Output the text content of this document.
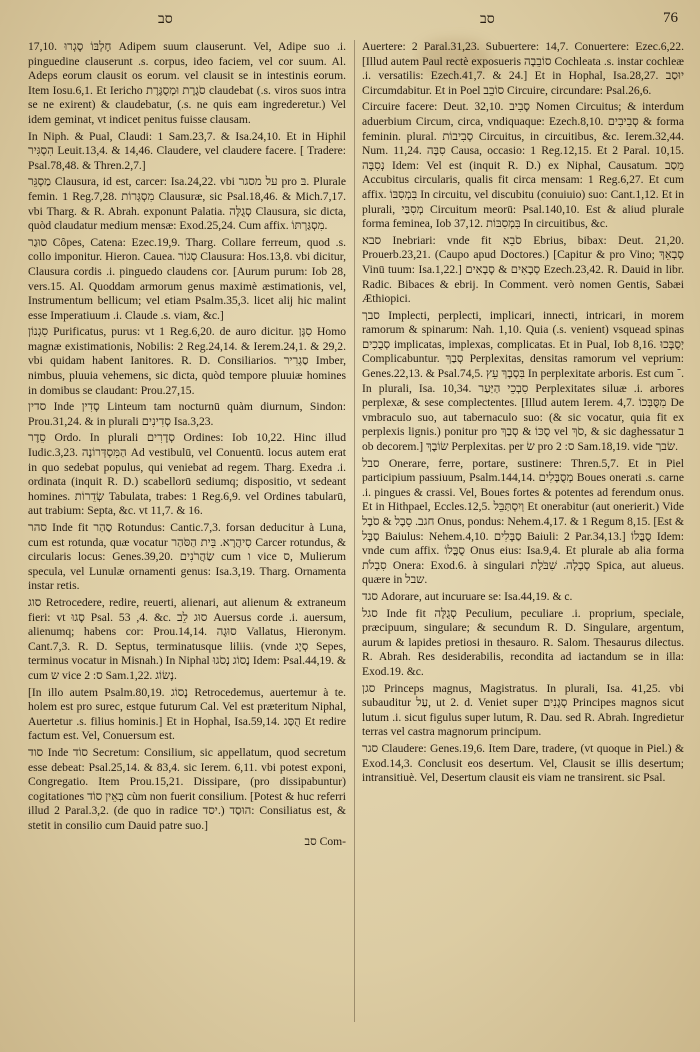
סב	סב	76

17,10. חֶלְבּוֹ סָגְרוּ Adipem suum clauserunt. Vel, Adipe suo .i. pinguedine clauserunt .s. corpus, ideo faciem, vel cor suum. Al. Adeps eorum clausit os eorum. vel clausit se in intestinis eorum. Item Iosu.6,1. Et Iericho סֹגֶרֶת וּמְסֻגֶּרֶת claudebat (.s. viros suos intra se ne exirent) & claudebatur, (.s. ne quis eam ingrederetur.) Vel idem geminat, vt indicet penitus fuisse clausam.

In Niph. & Pual, Claudi: 1 Sam.23,7. & Isa.24,10. Et in Hiphil הִסְגִּיר Leuit.13,4. & 14,46. Claudere, vel claudere facere. [ Tradere: Psal.78,48. & Thren.2,7.]

מַסְגֵּר Clausura, id est, carcer: Isa.24,22. vbi על מסגר pro בּ. Plurale femin. 1 Reg.7,28. מִסְגְּרוֹת Clausuræ, sic Psal.18,46. & Mich.7,17. vbi Tharg. & R. Abrah. exponunt Palatia. סְגֻלָּה Clausura, sic dicta, quòd claudatur medium mensæ: Exod.25,24. Cum affix. מִסְגַּרְתּוֹ.

סוּגַר Côpes, Catena: Ezec.19,9. Tharg. Collare ferreum, quod .s. collo imponitur. Hieron. Cauea. סְגוֹר Clausura: Hos.13,8. vbi dicitur, Clausura cordis .i. pinguedo claudens cor. [Aurum purum: Iob 28, vers.15. Al. Quoddam armorum genus maximè æstimationis, vel, Instrumentum bellicum; vel etiam Psalm.35,3. licet alij hic malint esse Imperatiuum .i. Claude .s. viam, &c.]

סִגְנוֹן Purificatus, purus: vt 1 Reg.6,20. de auro dicitur. סִגָּן Homo magnæ existimationis, Nobilis: 2 Reg.24,14. & Ierem.24,1. & 29,2. vbi quidam habent Ianitores. R. D. Consiliarios. סַגְרִיר Imber, nimbus, pluuia vehemens, sic dicta, quòd tempore pluuiæ homines in domibus se claudant: Prou.27,15.

סדין Inde סָדִין Linteum tam nocturnū quàm diurnum, Sindon: Prou.31,24. & in plurali סְדִינִים Isa.3,23.

סֵדֶר Ordo. In plurali סְדָרִים Ordines: Iob 10,22. Hinc illud Iudic.3,23. הַמִּסְדְּרוֹנָה Ad vestibulū, vel Conuentū. locus autem erat in quo sedebat populus, qui veniebat ad regem. Tharg. Exedra .i. ordinata (inquit R. D.) scabellorū sediumq; dispositio, vt sedeant homines. שְׂדֵרוֹת Tabulata, trabes: 1 Reg.6,9. vel Ordines tabularū, aut trabium: Septa, &c. vt 11,7. & 16.

סהר Inde fit סַהַר Rotundus: Cantic.7,3. forsan deducitur à Luna, cum est rotunda, quæ vocatur סִיהֲרָא. בֵּית הַסֹּהַר Carcer rotundus, & circularis locus: Genes.39,20. שַׂהֲרֹנִים cum ו vice ס, Mulierum specula, vel Lunulæ ornamenti genus: Isa.3,19. Tharg. Ornamenta instar retis.

סוג Retrocedere, redire, reuerti, alienari, aut alienum & extraneum fieri: vt סָגוּ Psal. 53 ,4. &c. סוּג לֵב Auersus corde .i. auersum, alienumq; habens cor: Prou.14,14. סוּגָה Vallatus, Hieronym. Cant.7,3. R. D. Septus, terminatusque liliis. (vnde סְיָג Sepes, terminus vocatur in Misnah.) In Niphal נָסוֹג נְסֹגוּ Idem: Psal.44,19. & cum ש vice ס: 2 Sam.1,22. נָשׂוֹג.

[In illo autem Psalm.80,19. נָסוֹג Retrocedemus, auertemur à te. holem est pro surec, estque futurum Cal. Vel est præteritum Niphal, Auertetur .s. filius hominis.] Et in Hophal, Isa.59,14. הֻסַּג Et redire factum est. Vel, Conuersum est.

סוד Inde סוֹד Secretum: Consilium, sic appellatum, quod secretum esse debeat: Psal.25,14. & 83,4. sic Ierem. 6,11. vbi potest exponi, Congregatio. Item Prou.15,21. Dissipare, (pro dissipabuntur) cogitationes בְּאֵין סוֹד cùm non fuerit consilium. [Potest & huc referri illud 2 Paral.3,2. (de quo in radice יסד.) הוּסַד: Consiliatus est, & stetit in consilio cum Dauid patre suo.]

סב Com-

Auertere: 2 Paral.31,23. Subuertere: 14,7. Conuertere: Ezec.6,22. [Illud autem Paul rectè exposueris סוֹבֵבָה Cochleata .s. instar cochleæ .i. versatilis: Ezech.41,7. & 24.] Et in Hophal, Isa.28,27. יוּסַב Circumdabitur. Et in Poel סוֹבֵב Circuire, circundare: Psal.26,6.

Circuire facere: Deut. 32,10. סָבִיב Nomen Circuitus; & interdum aduerbium Circum, circa, vndiquaque: Ezech.8,10. סְבִיבִים & forma feminin. plural. סְבִיבוֹת Circuitus, in circuitibus, &c. Ierem.32,44. Num. 11,24. סִבָּה Causa, occasio: 1 Reg.12,15. Et 2 Paral. 10,15. נְסִבָּה Idem: Vel est (inquit R. D.) ex Niphal, Causatum. מֵסַב Accubitus circularis, qualis fit circa mensam: 1 Reg.6,27. Et cum affix. בִּמְסִבּוֹ In circuitu, vel discubitu (conuiuio) suo: Cant.1,12. Et in plurali, מְסִבַּי Circuitum meorū: Psal.140,10. Est & aliud plurale forma feminea, Iob 37,12. בִּמְסִבּוֹת In circuitibus, &c.

סבא Inebriari: vnde fit סֹבֵא Ebrius, bibax: Deut. 21,20. Prouerb.23,21. (Caupo apud Doctores.) [Capitur & pro Vino; סָבְאֵךְ Vinū tuum: Isa.1,22.] סְבָאִים & סָבָאִים Ezech.23,42. R. Dauid in libr. Radic. Bibaces & ebrij. In Comment. verò nomen Gentis, Sabæi Æthiopici.

סבך Implecti, perplecti, implicari, innecti, intricari, in morem ramorum & spinarum: Nah. 1,10. Quia (.s. venient) vsquead spinas סְבֻכִים implicatas, implexas, complicatas. Et in Pual, Iob 8,16. יְסֻבָּכוּ Complicabuntur. סְבַךְ Perplexitas, densitas ramorum vel veprium: Genes.22,13. & Psal.74,5. בִּסְבָךְ עֵץ In perplexitate arboris. Est cum ־. In plurali, Isa. 10,34. סִבְכֵי הַיַּעַר Perplexitates siluæ .i. arbores perplexæ, & sese complectentes. [Illud autem Ierem. 4,7. מִסֻּבְּכוֹ De vmbraculo suo, aut tabernaculo suo: (& sic vocatur, quia fit ex perplexis lignis.) ponitur pro סֻכּוֹ & סְבַךְ vel סֹךְ, & sic daghessatur ב ob decorem.] שׂוֹבֶךְ Perplexitas. per שׂ pro ס: 2 Sam.18,19. vide שׂבך.

סבל Onerare, ferre, portare, sustinere: Thren.5,7. Et in Piel participium passiuum, Psalm.144,14. מְסֻבָּלִים Boues onerati .s. carne .i. pingues & crassi. Vel, Boues fortes & potentes ad ferendum onus. Et in Hithpael, Eccles.12,5. וְיִסְתַּבֵּל Et onerabitur (aut onerierit.) Vide חגב. סֵבֶל & סֹבֶל Onus, pondus: Nehem.4,17. & 1 Regum 8,15. [Est & סַבָּל Baiulus: Nehem.4,10. סַבָּלִים Baiuli: 2 Par.34,13.] סֻבֳּלוֹ Idem: vnde cum affix. סֻבֳּלוֹ Onus eius: Isa.9,4. Et plurale ab alia forma סִבְלֹת Onera: Exod.6. à singulari סְבָלָה. שִׁבֹּלֶת Spica, aut alueus. quære in שבל.

סגד Adorare, aut incuruare se: Isa.44,19. & c.

סגל Inde fit סְגֻלָּה Peculium, peculiare .i. proprium, speciale, præcipuum, singulare; & secundum R. D. Singulare, argentum, aurum & lapides pretiosi in thesauro. R. Salom. Thesaurus dilectus. R. Abrah. Res desiderabilis, recondita ad iactandum se in illa: Exod.19. &c.

סגן Princeps magnus, Magistratus. In plurali, Isa. 41,25. vbi subauditur עַל, ut 2. d. Veniet super סְגָנִים Principes magnos sicut lutum .i. sicut figulus super lutum, R. Dau. sed R. Abrah. Ingredietur terras vel castra magnorum principum.

סגר Claudere: Genes.19,6. Item Dare, tradere, (vt quoque in Piel.) & Exod.14,3. Conclusit eos desertum. Vel, Clausit se illis desertum; intransitiuè. Vel, Desertum clausit eis viam ne transirent. sic Psal.
